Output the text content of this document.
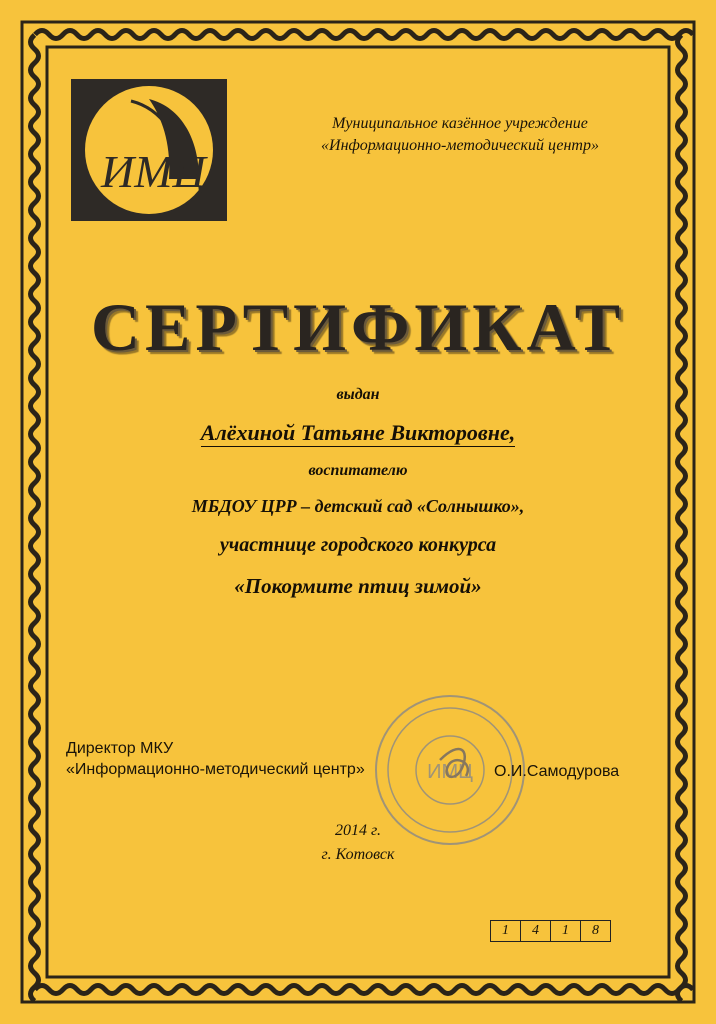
ИМЦ
Муниципальное казённое учреждение
«Информационно-методический центр»
СЕРТИФИКАТ
выдан
Алёхиной Татьяне Викторовне,
воспитателю
МБДОУ ЦРР – детский сад «Солнышко»,
участнице городского конкурса
«Покормите птиц зимой»
Директор МКУ
«Информационно-методический центр»	ИМЦ О.И.Самодурова
2014 г.
г. Котовск
1	4	1	8
